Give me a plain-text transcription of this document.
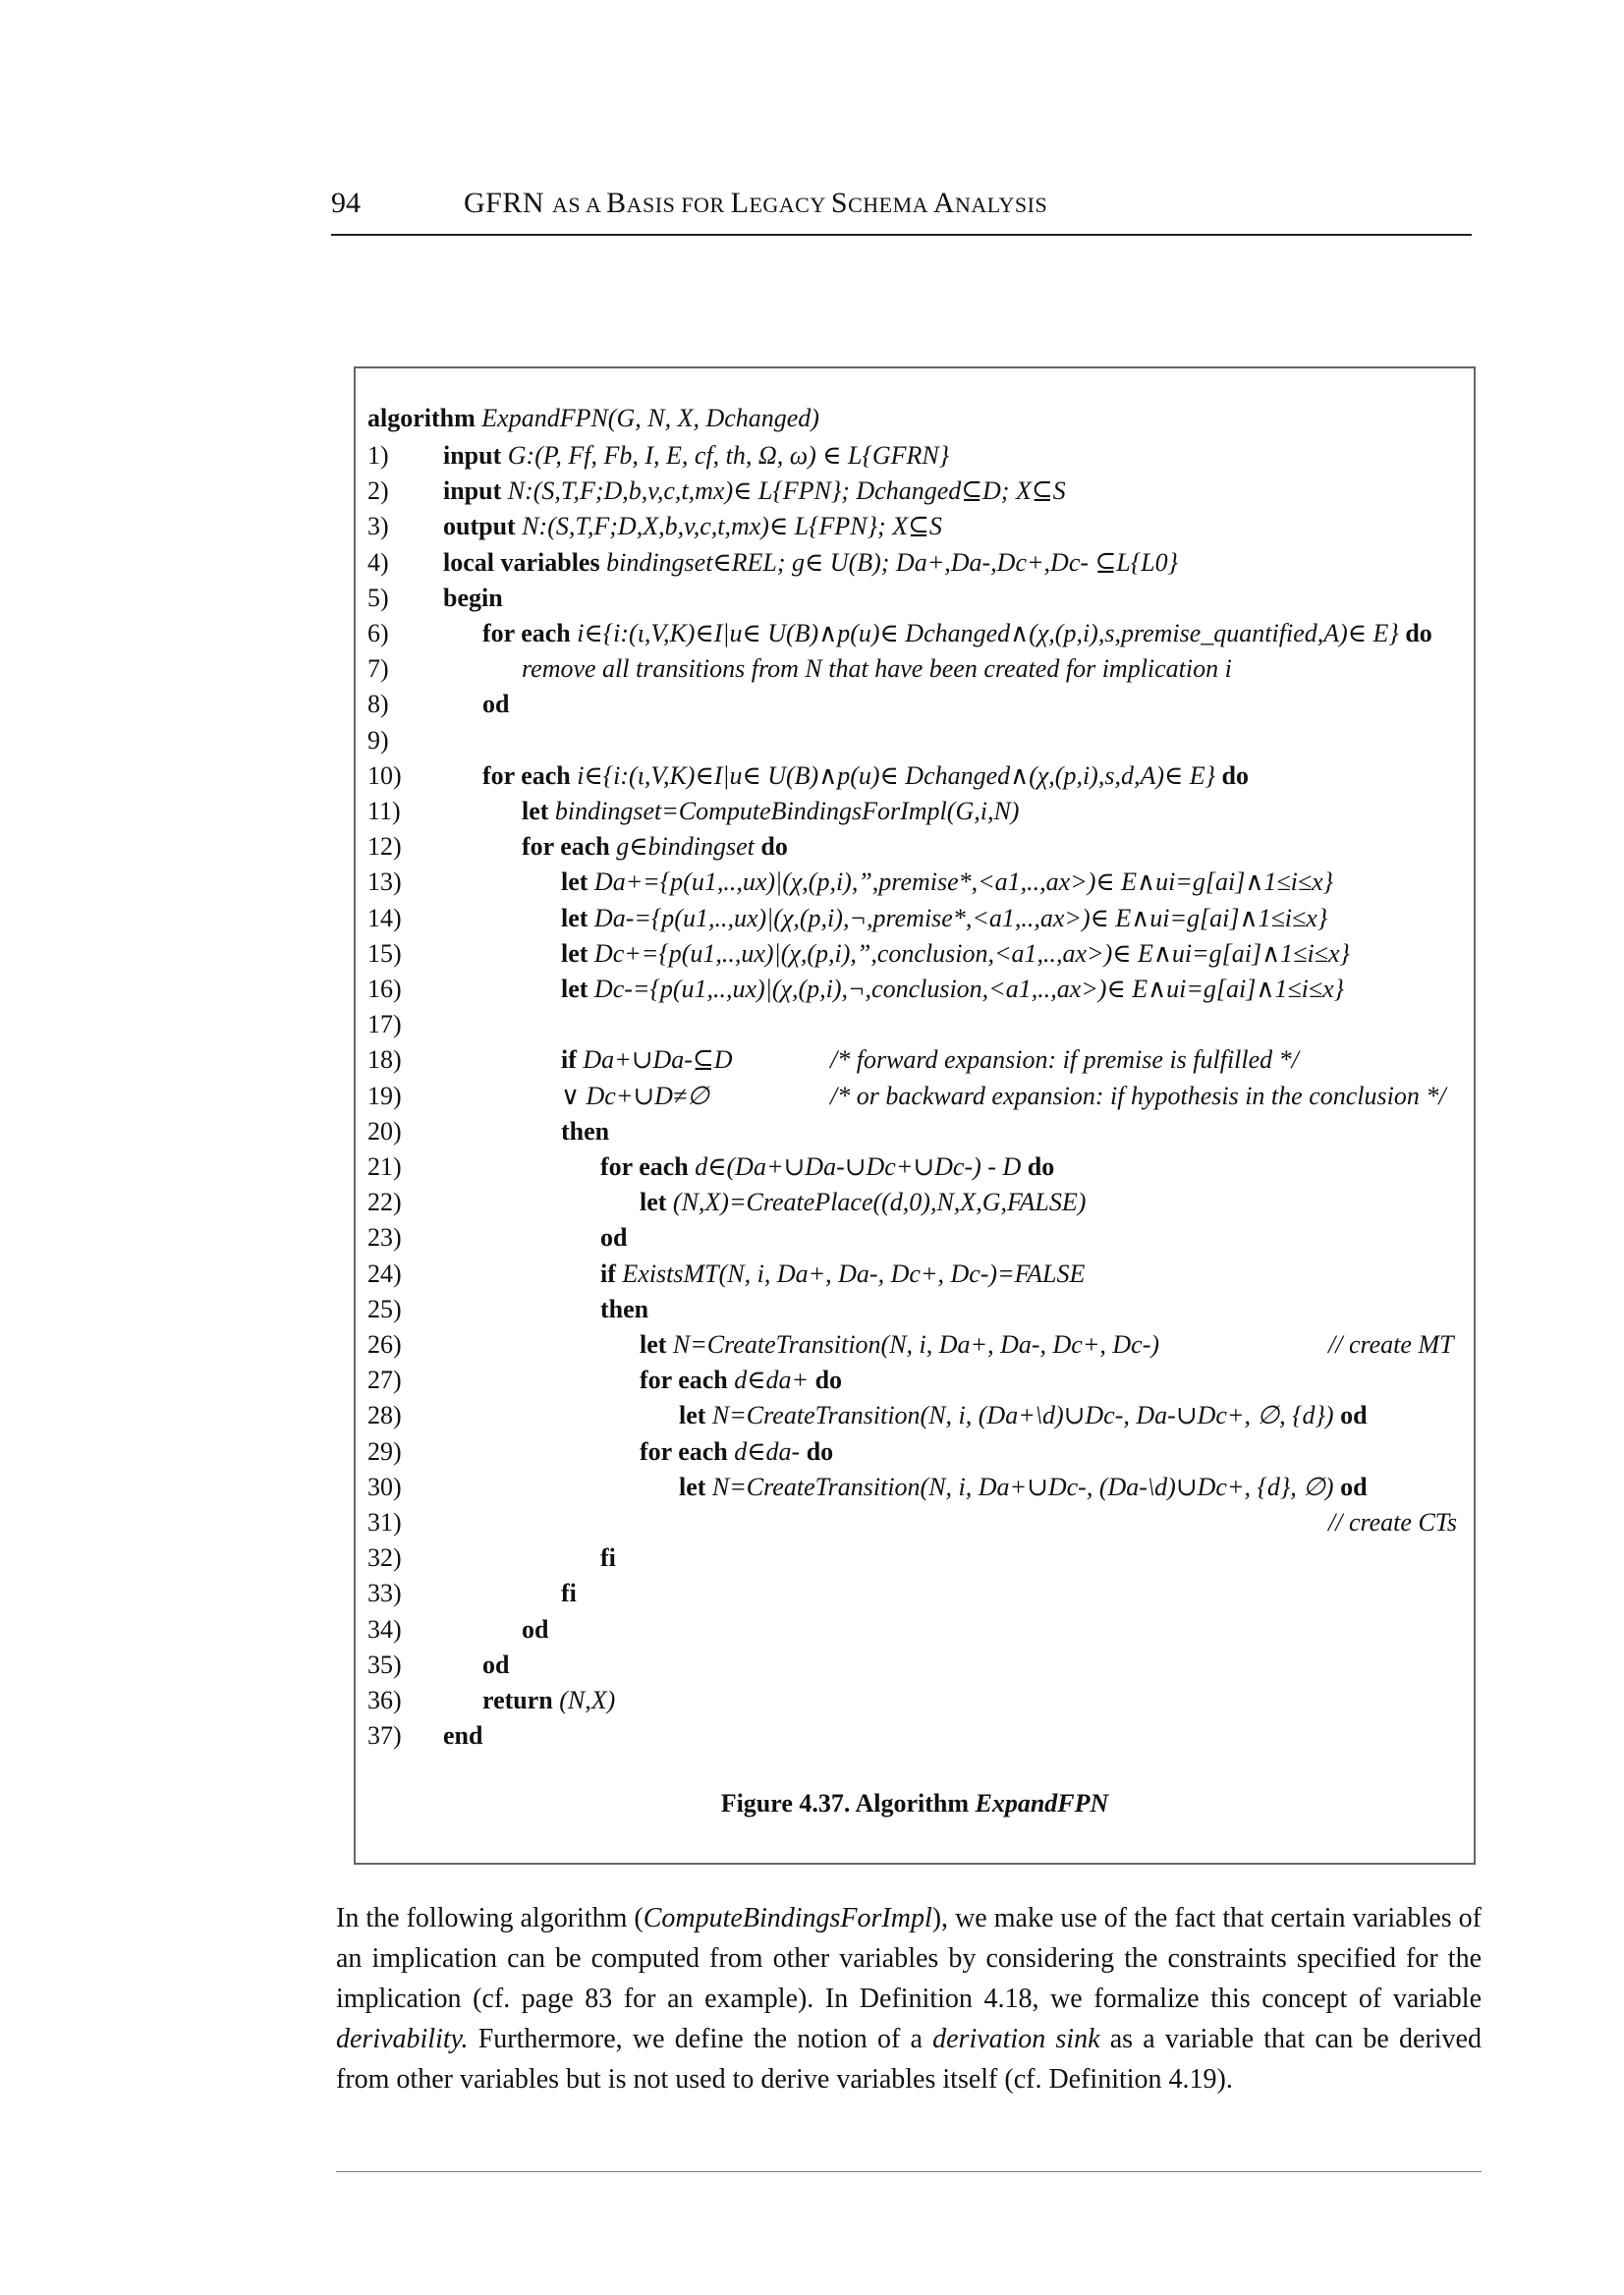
94	GFRN AS A BASIS FOR LEGACY SCHEMA ANALYSIS
algorithm ExpandFPN(G, N, X, Dchanged)
1)	input G:(P, Ff, Fb, I, E, cf, th, Ω, ω) ∈ L{GFRN}
2)	input N:(S,T,F;D,b,v,c,t,mx)∈ L{FPN}; Dchanged⊆D; X⊆S
3)	output N:(S,T,F;D,X,b,v,c,t,mx)∈ L{FPN}; X⊆S
4)	local variables bindingset∈REL; g∈ U(B); Da+,Da-,Dc+,Dc- ⊆L{L0}
5)	begin
6)	for each i∈{i:(ι,V,K)∈I|u∈ U(B)∧p(u)∈ Dchanged∧(χ,(p,i),s,premise_quantified,A)∈ E} do
7)	remove all transitions from N that have been created for implication i
8)	od
9)
10)	for each i∈{i:(ι,V,K)∈I|u∈ U(B)∧p(u)∈ Dchanged∧(χ,(p,i),s,d,A)∈ E} do
11)	let bindingset=ComputeBindingsForImpl(G,i,N)
12)	for each g∈bindingset do
13)	let Da+={p(u1,..,ux)|(χ,(p,i),”,premise*,<a1,..,ax>)∈ E∧ui=g[ai]∧1≤i≤x}
14)	let Da-={p(u1,..,ux)|(χ,(p,i),¬,premise*,<a1,..,ax>)∈ E∧ui=g[ai]∧1≤i≤x}
15)	let Dc+={p(u1,..,ux)|(χ,(p,i),”,conclusion,<a1,..,ax>)∈ E∧ui=g[ai]∧1≤i≤x}
16)	let Dc-={p(u1,..,ux)|(χ,(p,i),¬,conclusion,<a1,..,ax>)∈ E∧ui=g[ai]∧1≤i≤x}
17)
18)	if Da+∪Da-⊆D	/* forward expansion: if premise is fulfilled */
19)	∨ Dc+∪D≠∅	/* or backward expansion: if hypothesis in the conclusion */
20)	then
21)	for each d∈(Da+∪Da-∪Dc+∪Dc-) - D do
22)	let (N,X)=CreatePlace((d,0),N,X,G,FALSE)
23)	od
24)	if ExistsMT(N, i, Da+, Da-, Dc+, Dc-)=FALSE
25)	then
26)	let N=CreateTransition(N, i, Da+, Da-, Dc+, Dc-)	// create MT
27)	for each d∈da+ do
28)	let N=CreateTransition(N, i, (Da+\d)∪Dc-, Da-∪Dc+, ∅, {d}) od
29)	for each d∈da- do
30)	let N=CreateTransition(N, i, Da+∪Dc-, (Da-\d)∪Dc+, {d}, ∅) od
31)	// create CTs
32)	fi
33)	fi
34)	od
35)	od
36)	return (N,X)
37)	end
Figure 4.37. Algorithm ExpandFPN
In the following algorithm (ComputeBindingsForImpl), we make use of the fact that certain variables of an implication can be computed from other variables by considering the constraints specified for the implication (cf. page 83 for an example). In Definition 4.18, we formalize this concept of variable derivability. Furthermore, we define the notion of a derivation sink as a variable that can be derived from other variables but is not used to derive variables itself (cf. Definition 4.19).
